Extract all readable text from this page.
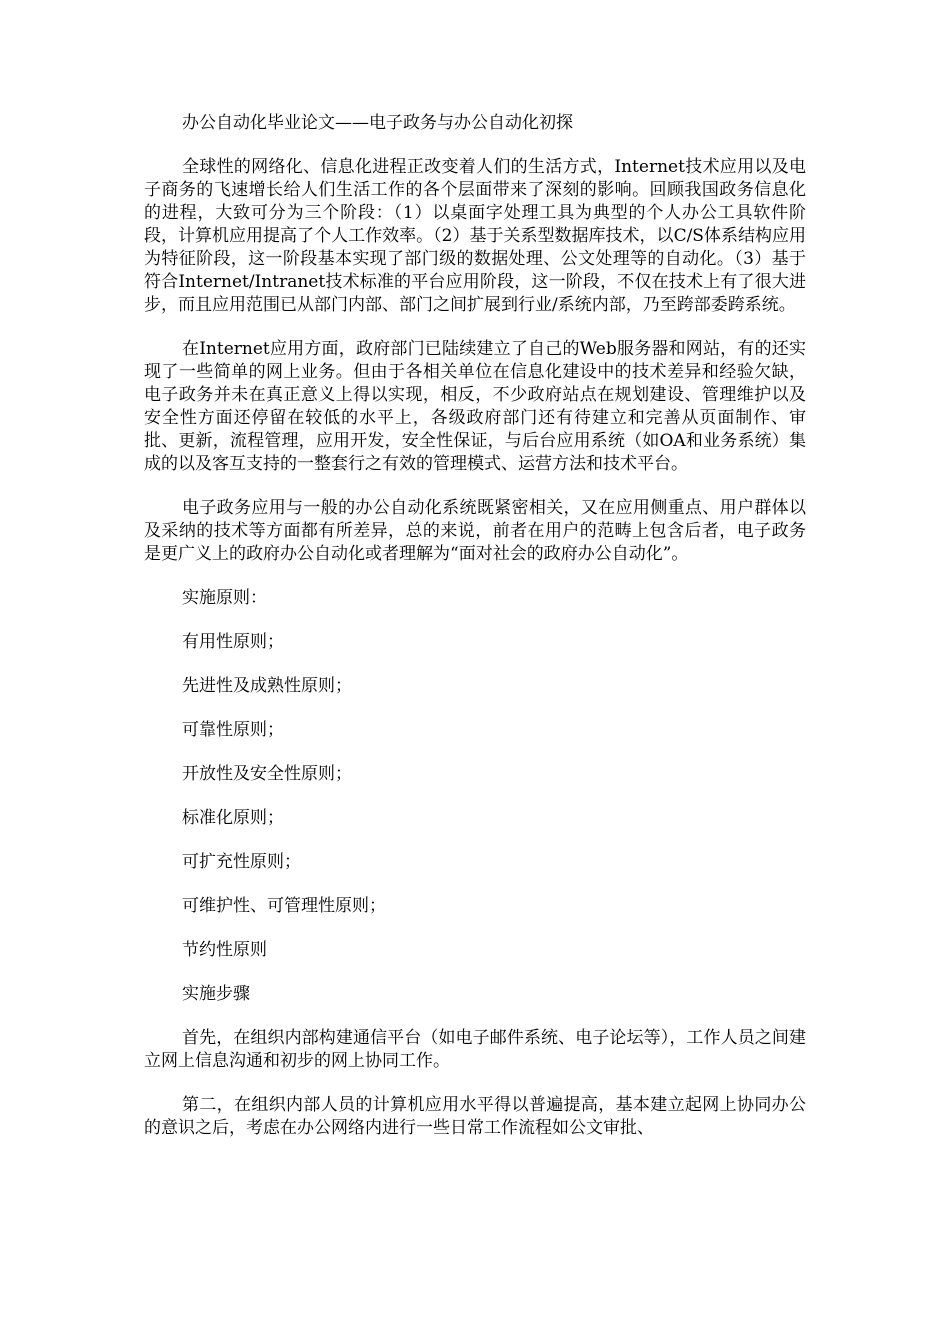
办公自动化毕业论文——电子政务与办公自动化初探

全球性的网络化、信息化进程正改变着人们的生活方式，Internet技术应用以及电子商务的飞速增长给人们生活工作的各个层面带来了深刻的影响。回顾我国政务信息化的进程，大致可分为三个阶段：（1）以桌面字处理工具为典型的个人办公工具软件阶段，计算机应用提高了个人工作效率。（2）基于关系型数据库技术，以C/S体系结构应用为特征阶段，这一阶段基本实现了部门级的数据处理、公文处理等的自动化。（3）基于符合Internet/Intranet技术标准的平台应用阶段，这一阶段，不仅在技术上有了很大进步，而且应用范围已从部门内部、部门之间扩展到行业/系统内部，乃至跨部委跨系统。

在Internet应用方面，政府部门已陆续建立了自己的Web服务器和网站，有的还实现了一些简单的网上业务。但由于各相关单位在信息化建设中的技术差异和经验欠缺，电子政务并未在真正意义上得以实现，相反，不少政府站点在规划建设、管理维护以及安全性方面还停留在较低的水平上，各级政府部门还有待建立和完善从页面制作、审批、更新，流程管理，应用开发，安全性保证，与后台应用系统（如OA和业务系统）集成的以及客互支持的一整套行之有效的管理模式、运营方法和技术平台。

电子政务应用与一般的办公自动化系统既紧密相关，又在应用侧重点、用户群体以及采纳的技术等方面都有所差异，总的来说，前者在用户的范畴上包含后者，电子政务是更广义上的政府办公自动化或者理解为“面对社会的政府办公自动化”。

实施原则：

有用性原则；

先进性及成熟性原则；

可靠性原则；

开放性及安全性原则；

标准化原则；

可扩充性原则；

可维护性、可管理性原则；

节约性原则

实施步骤

首先，在组织内部构建通信平台（如电子邮件系统、电子论坛等），工作人员之间建立网上信息沟通和初步的网上协同工作。

第二，在组织内部人员的计算机应用水平得以普遍提高，基本建立起网上协同办公的意识之后，考虑在办公网络内进行一些日常工作流程如公文审批、
